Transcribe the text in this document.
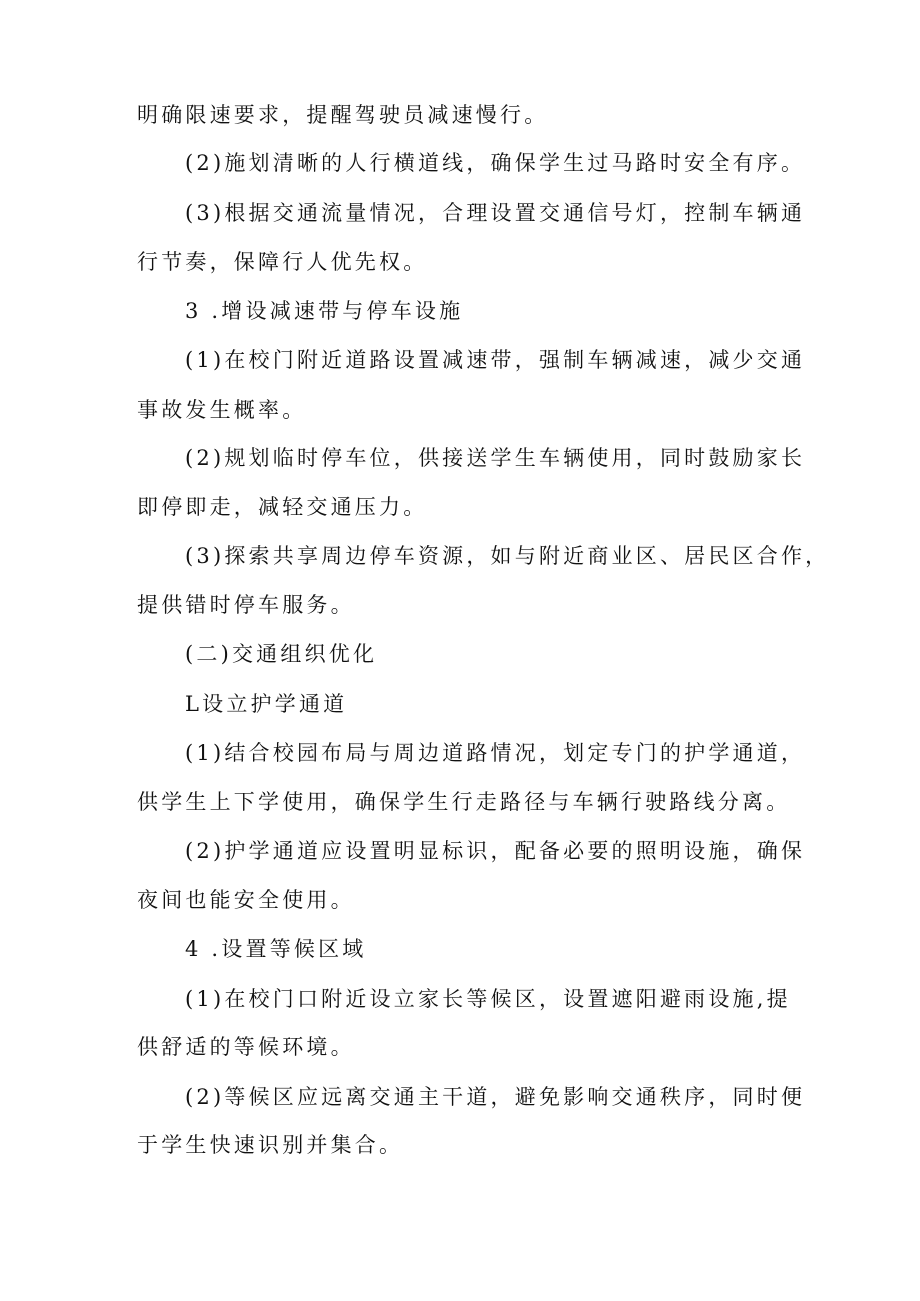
明确限速要求，提醒驾驶员减速慢行。
(2)施划清晰的人行横道线，确保学生过马路时安全有序。
(3)根据交通流量情况，合理设置交通信号灯，控制车辆通
行节奏，保障行人优先权。
3 .增设减速带与停车设施
(1)在校门附近道路设置减速带，强制车辆减速，减少交通
事故发生概率。
(2)规划临时停车位，供接送学生车辆使用，同时鼓励家长
即停即走，减轻交通压力。
(3)探索共享周边停车资源，如与附近商业区、居民区合作，
提供错时停车服务。
(二)交通组织优化
L设立护学通道
(1)结合校园布局与周边道路情况，划定专门的护学通道，
供学生上下学使用，确保学生行走路径与车辆行驶路线分离。
(2)护学通道应设置明显标识，配备必要的照明设施，确保
夜间也能安全使用。
4 .设置等候区域
(1)在校门口附近设立家长等候区，设置遮阳避雨设施,提
供舒适的等候环境。
(2)等候区应远离交通主干道，避免影响交通秩序，同时便
于学生快速识别并集合。
